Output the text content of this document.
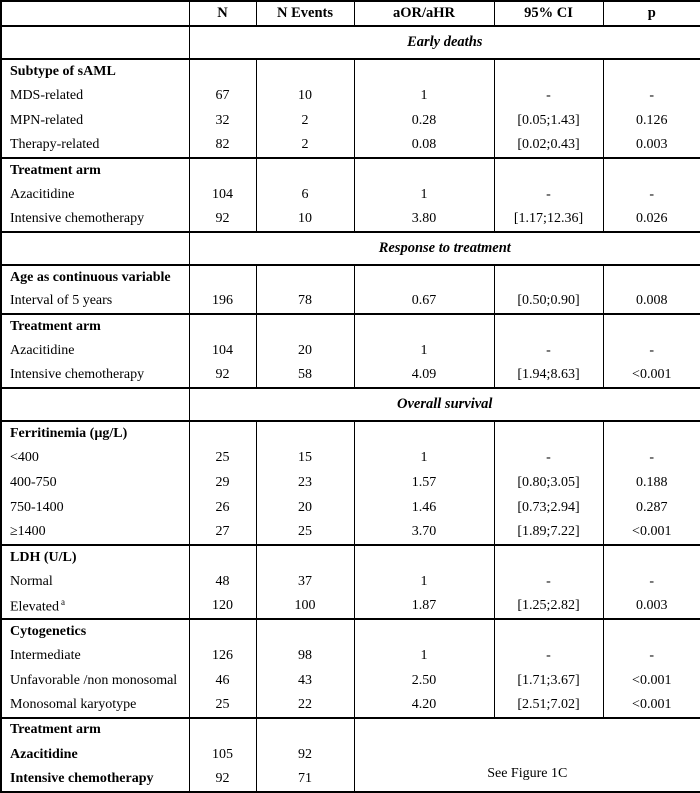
	N	N Events	aOR/aHR	95% CI	p
	Early deaths				
Subtype of sAML					
MDS-related	67	10	1	-	-
MPN-related	32	2	0.28	[0.05;1.43]	0.126
Therapy-related	82	2	0.08	[0.02;0.43]	0.003
Treatment arm					
Azacitidine	104	6	1	-	-
Intensive chemotherapy	92	10	3.80	[1.17;12.36]	0.026
	Response to treatment				
Age as continuous variable					
Interval of 5 years	196	78	0.67	[0.50;0.90]	0.008
Treatment arm					
Azacitidine	104	20	1	-	-
Intensive chemotherapy	92	58	4.09	[1.94;8.63]	<0.001
	Overall survival				
Ferritinemia (µg/L)					
<400	25	15	1	-	-
400-750	29	23	1.57	[0.80;3.05]	0.188
750-1400	26	20	1.46	[0.73;2.94]	0.287
≥1400	27	25	3.70	[1.89;7.22]	<0.001
LDH (U/L)					
Normal	48	37	1	-	-
Elevated $^a$	120	100	1.87	[1.25;2.82]	0.003
Cytogenetics					
Intermediate	126	98	1	-	-
Unfavorable /non monosomal	46	43	2.50	[1.71;3.67]	<0.001
Monosomal karyotype	25	22	4.20	[2.51;7.02]	<0.001
Treatment arm			See Figure 1C		
Azacitidine	105	92			
Intensive chemotherapy	92	71			
